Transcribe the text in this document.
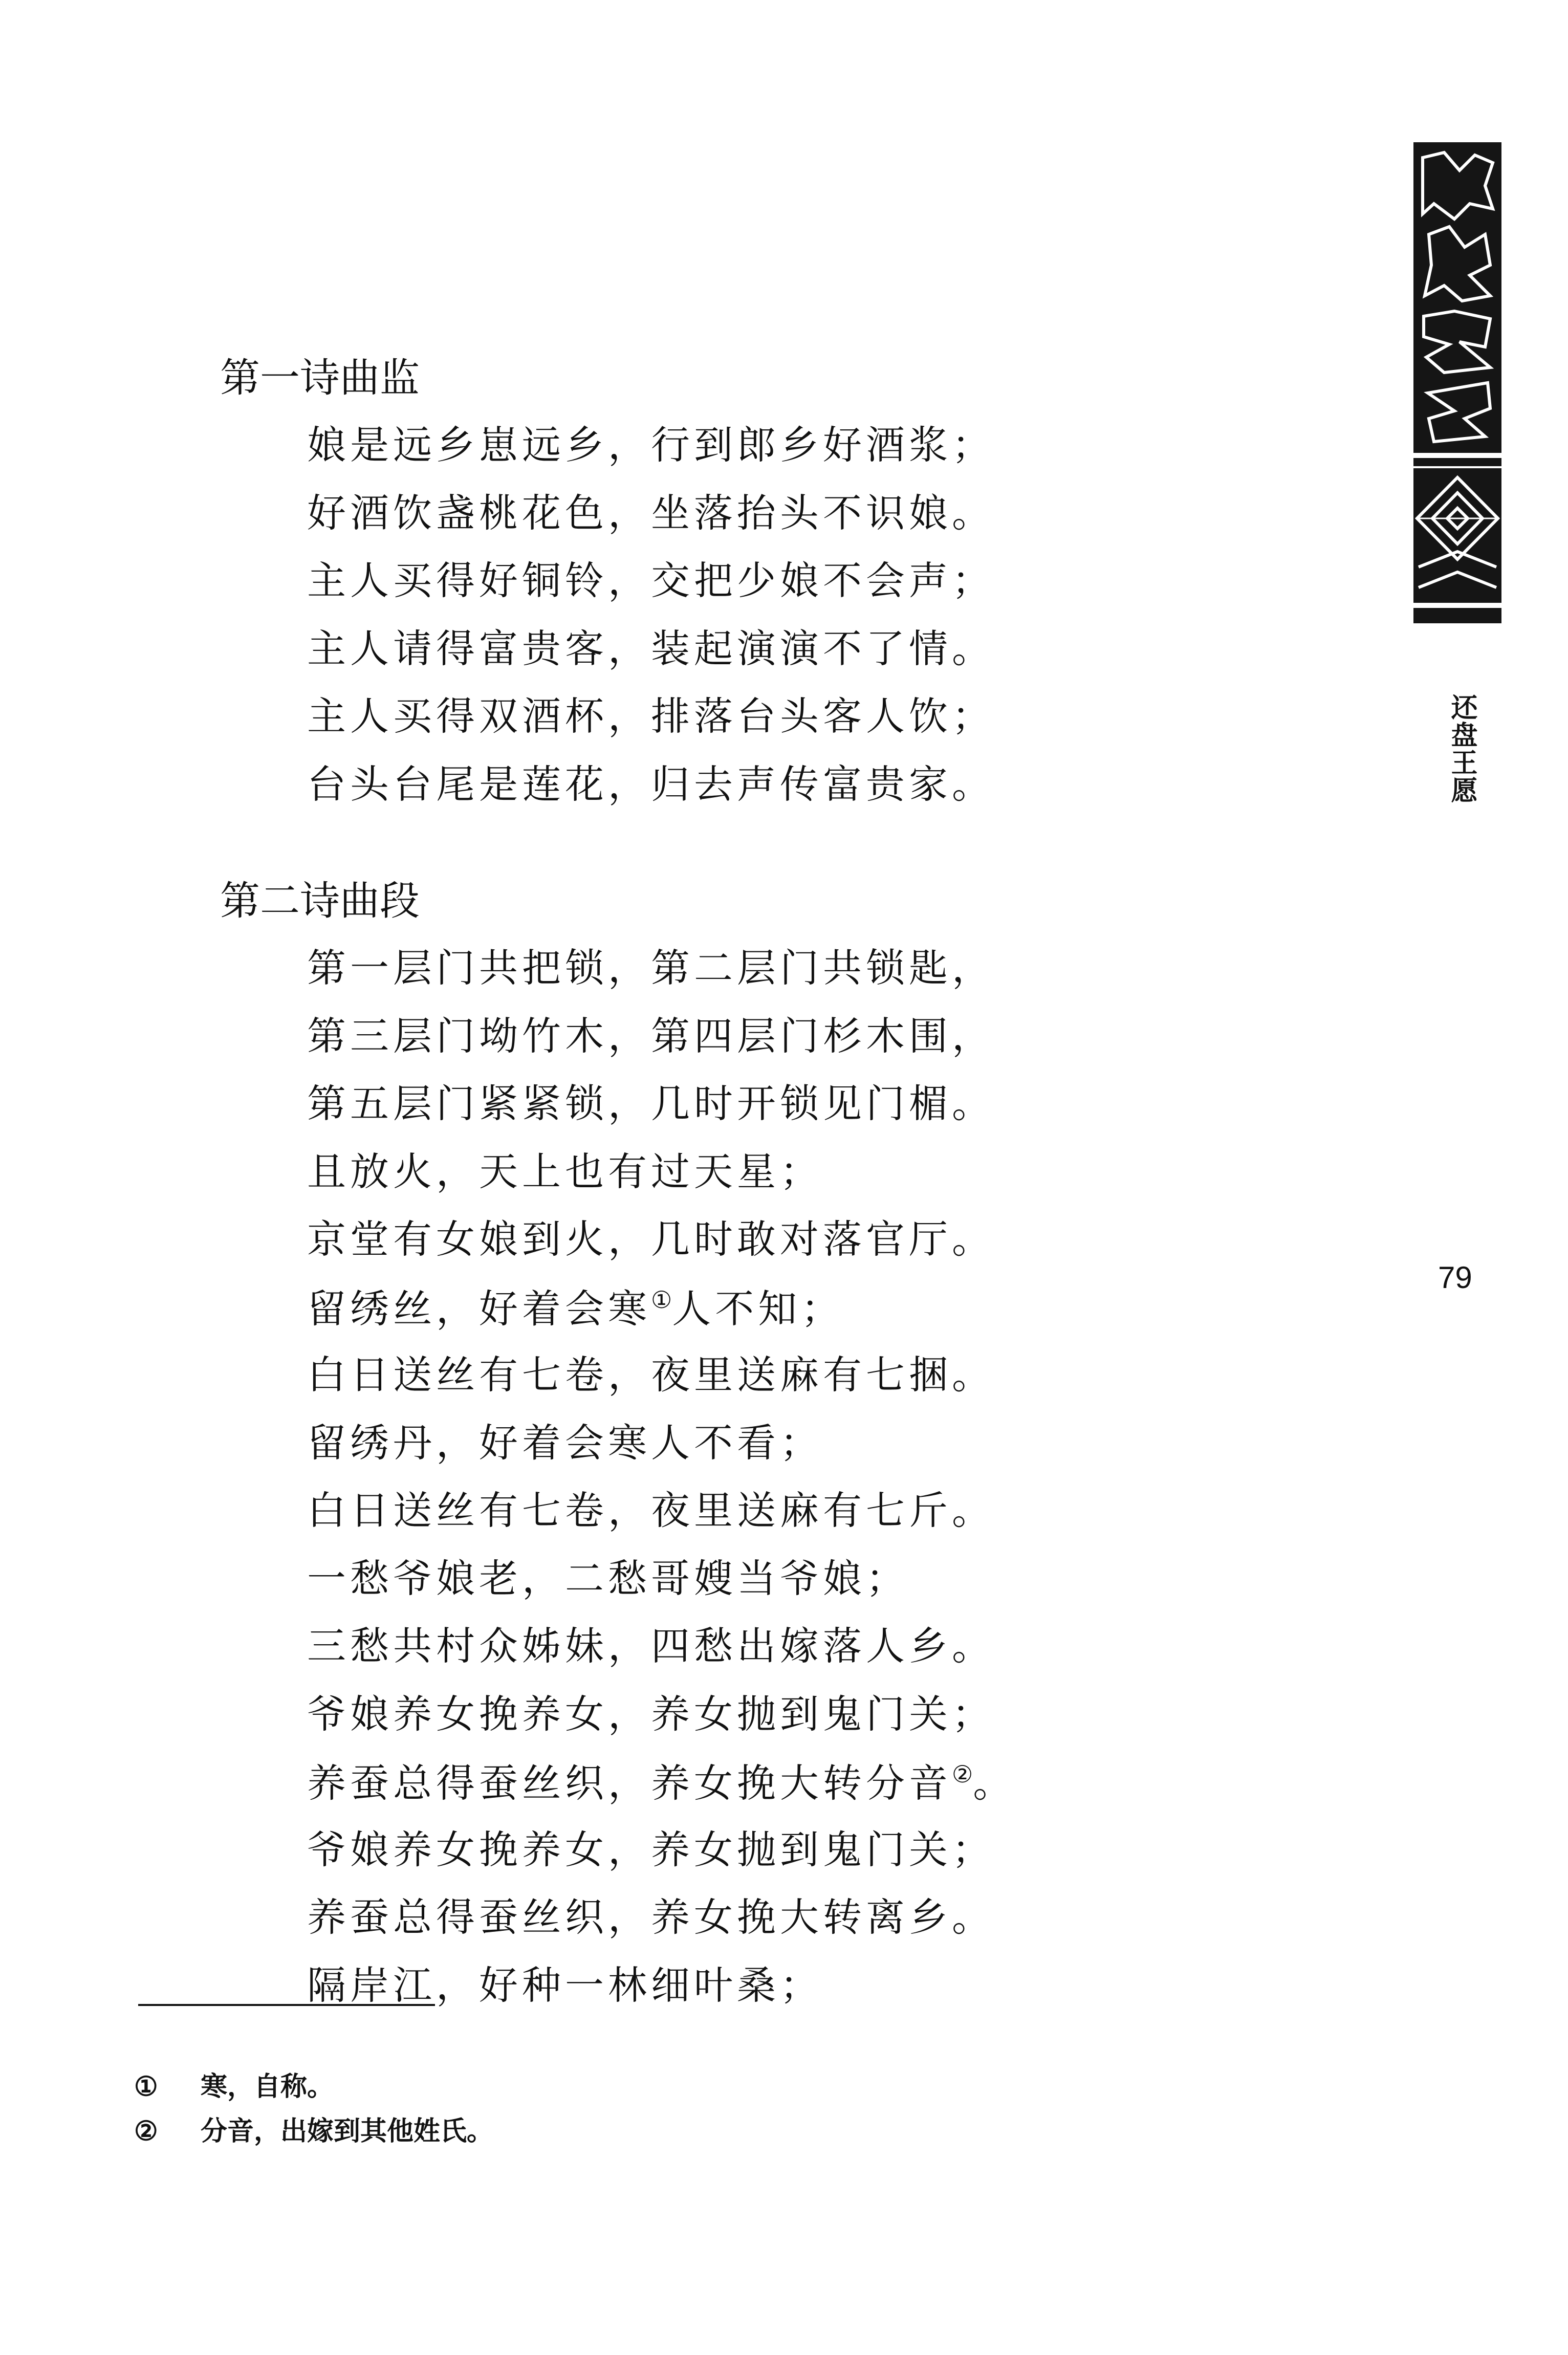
第一诗曲监
娘是远乡崽远乡，行到郎乡好酒浆；
好酒饮盏桃花色，坐落抬头不识娘。
主人买得好铜铃，交把少娘不会声；
主人请得富贵客，装起演演不了情。
主人买得双酒杯，排落台头客人饮；
台头台尾是莲花，归去声传富贵家。
第二诗曲段
第一层门共把锁，第二层门共锁匙，
第三层门坳竹木，第四层门杉木围，
第五层门紧紧锁，几时开锁见门楣。
且放火，天上也有过天星；
京堂有女娘到火，几时敢对落官厅。
留绣丝，好着会寒①人不知；
白日送丝有七卷，夜里送麻有七捆。
留绣丹，好着会寒人不看；
白日送丝有七卷，夜里送麻有七斤。
一愁爷娘老，二愁哥嫂当爷娘；
三愁共村众姊妹，四愁出嫁落人乡。
爷娘养女挽养女，养女抛到鬼门关；
养蚕总得蚕丝织，养女挽大转分音②。
爷娘养女挽养女，养女抛到鬼门关；
养蚕总得蚕丝织，养女挽大转离乡。
隔岸江，好种一林细叶桑；
还盘王愿
79
① 寒，自称。
② 分音，出嫁到其他姓氏。
